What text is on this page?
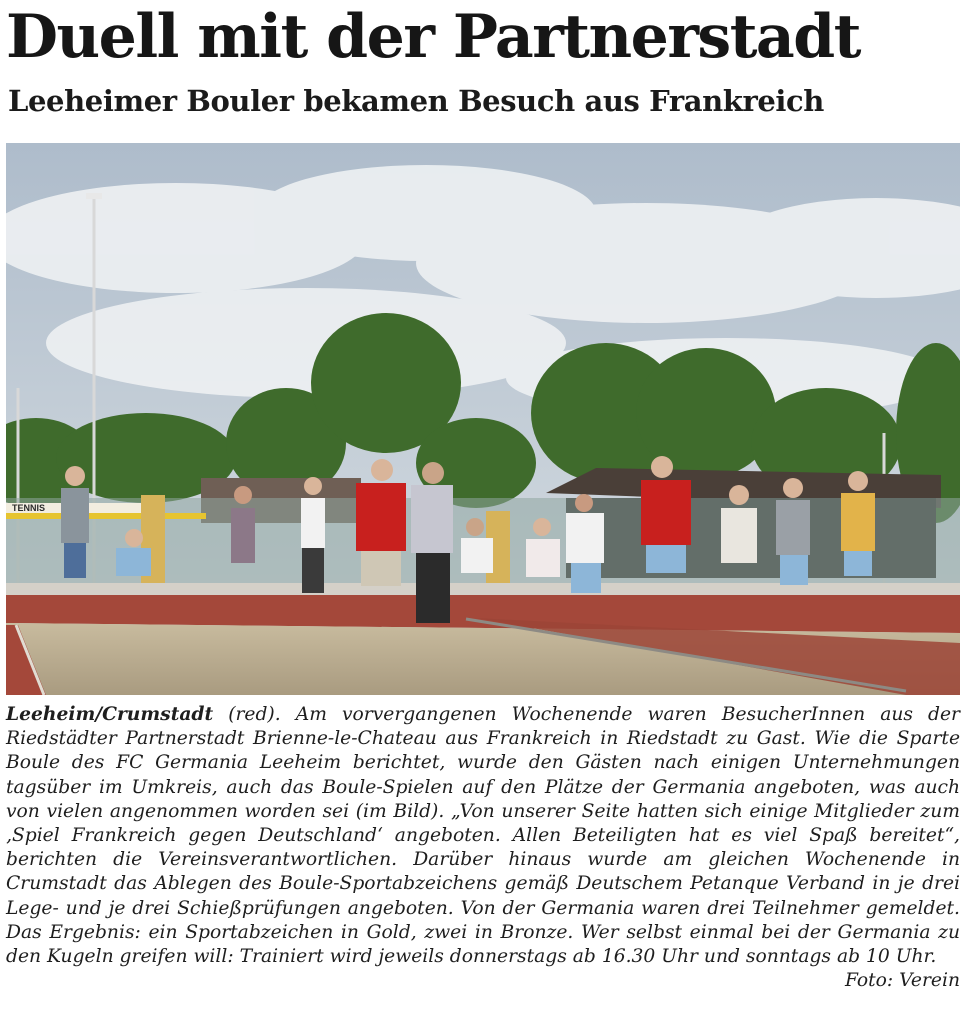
Duell mit der Partnerstadt
Leeheimer Bouler bekamen Besuch aus Frankreich
TENNIS

Leeheim/Crumstadt (red). Am vorvergangenen Wochenende waren BesucherInnen aus der Riedstädter Partnerstadt Brienne-le-Chateau aus Frankreich in Riedstadt zu Gast. Wie die Sparte Boule des FC Germania Leeheim berichtet, wurde den Gästen nach einigen Unternehmungen tagsüber im Umkreis, auch das Boule-Spielen auf den Plätze der Germania angeboten, was auch von vielen angenommen worden sei (im Bild). „Von unserer Seite hatten sich einige Mitglieder zum ‚Spiel Frankreich gegen Deutschland‘ angeboten. Allen Beteiligten hat es viel Spaß bereitet“, berichten die Vereinsverantwortlichen. Darüber hinaus wurde am gleichen Wochenende in Crumstadt das Ablegen des Boule-Sportabzeichens gemäß Deutschem Petanque Verband in je drei Lege- und je drei Schießprüfungen angeboten. Von der Germania waren drei Teilnehmer gemeldet. Das Ergebnis: ein Sportabzeichen in Gold, zwei in Bronze. Wer selbst einmal bei der Germania zu den Kugeln greifen will: Trainiert wird jeweils donnerstags ab 16.30 Uhr und sonntags ab 10 Uhr.
Foto: Verein
